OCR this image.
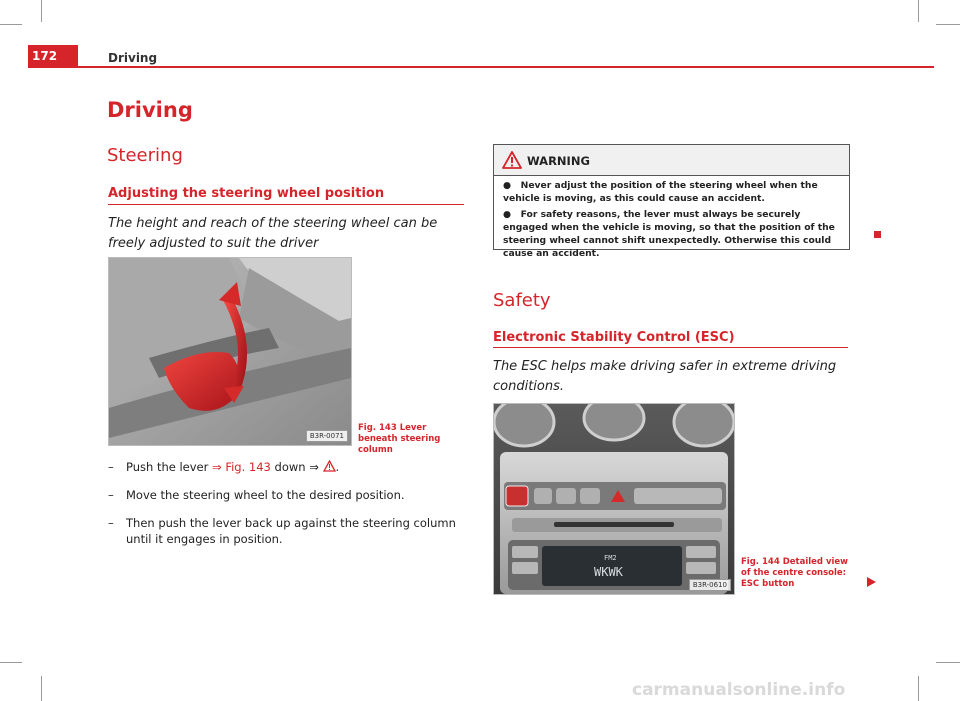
172	Driving
Driving
Steering
Adjusting the steering wheel position
The height and reach of the steering wheel can be freely adjusted to suit the driver
B3R-0071
Fig. 143 Lever beneath steering column
– Push the lever ⇒ Fig. 143 down ⇒ .
– Move the steering wheel to the desired position.
– Then push the lever back up against the steering column until it engages in position.
WARNING
● Never adjust the position of the steering wheel when the vehicle is moving, as this could cause an accident.
● For safety reasons, the lever must always be securely engaged when the vehicle is moving, so that the position of the steering wheel cannot shift unexpectedly. Otherwise this could cause an accident.
Safety
Electronic Stability Control (ESC)
The ESC helps make driving safer in extreme driving conditions.
FM2
WKWK
B3R-0610
Fig. 144 Detailed view of the centre console: ESC button
carmanualsonline.info
